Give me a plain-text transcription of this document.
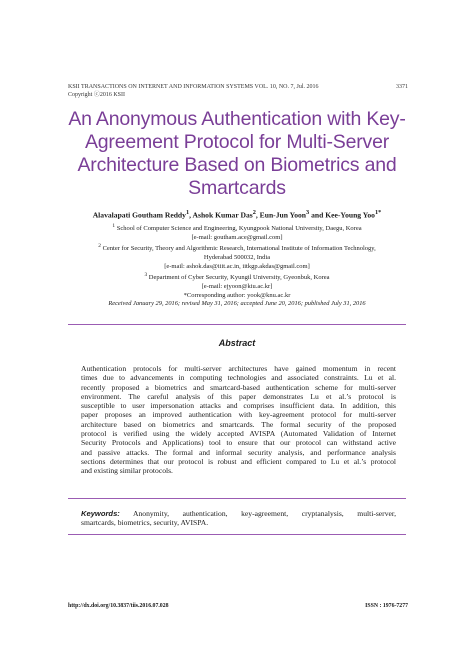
KSII TRANSACTIONS ON INTERNET AND INFORMATION SYSTEMS VOL. 10, NO. 7, Jul. 2016	3371
Copyright ⓒ2016 KSII
An Anonymous Authentication with Key-
Agreement Protocol for Multi-Server
Architecture Based on Biometrics and
Smartcards
Alavalapati Goutham Reddy$^1$, Ashok Kumar Das$^2$, Eun-Jun Yoon$^3$ and Kee-Young Yoo$^{1*}$
$^1$ School of Computer Science and Engineering, Kyungpook National University, Daegu, Korea
[e-mail: goutham.ace@gmail.com]
$^2$ Center for Security, Theory and Algorithmic Research, International Institute of Information Technology,
Hyderabad 500032, India
[e-mail: ashok.das@iiit.ac.in, iitkgp.akdas@gmail.com]
$^3$ Department of Cyber Security, Kyungil University, Gyeonbuk, Korea
[e-mail: ejyoon@kiu.ac.kr]
*Corresponding author: yook@knu.ac.kr
Received January 29, 2016; revised May 31, 2016; accepted June 20, 2016; published July 31, 2016
Abstract
Authentication protocols for multi-server architectures have gained momentum in recent
times due to advancements in computing technologies and associated constraints. Lu et al.
recently proposed a biometrics and smartcard-based authentication scheme for multi-server
environment. The careful analysis of this paper demonstrates Lu et al.’s protocol is
susceptible to user impersonation attacks and comprises insufficient data. In addition, this
paper proposes an improved authentication with key-agreement protocol for multi-server
architecture based on biometrics and smartcards. The formal security of the proposed
protocol is verified using the widely accepted AVISPA (Automated Validation of Internet
Security Protocols and Applications) tool to ensure that our protocol can withstand active
and passive attacks. The formal and informal security analysis, and performance analysis
sections determines that our protocol is robust and efficient compared to Lu et al.’s protocol
and existing similar protocols.
Keywords: Anonymity, authentication, key-agreement, cryptanalysis, multi-server,
smartcards, biometrics, security, AVISPA.
http://dx.doi.org/10.3837/tiis.2016.07.028	ISSN : 1976-7277
